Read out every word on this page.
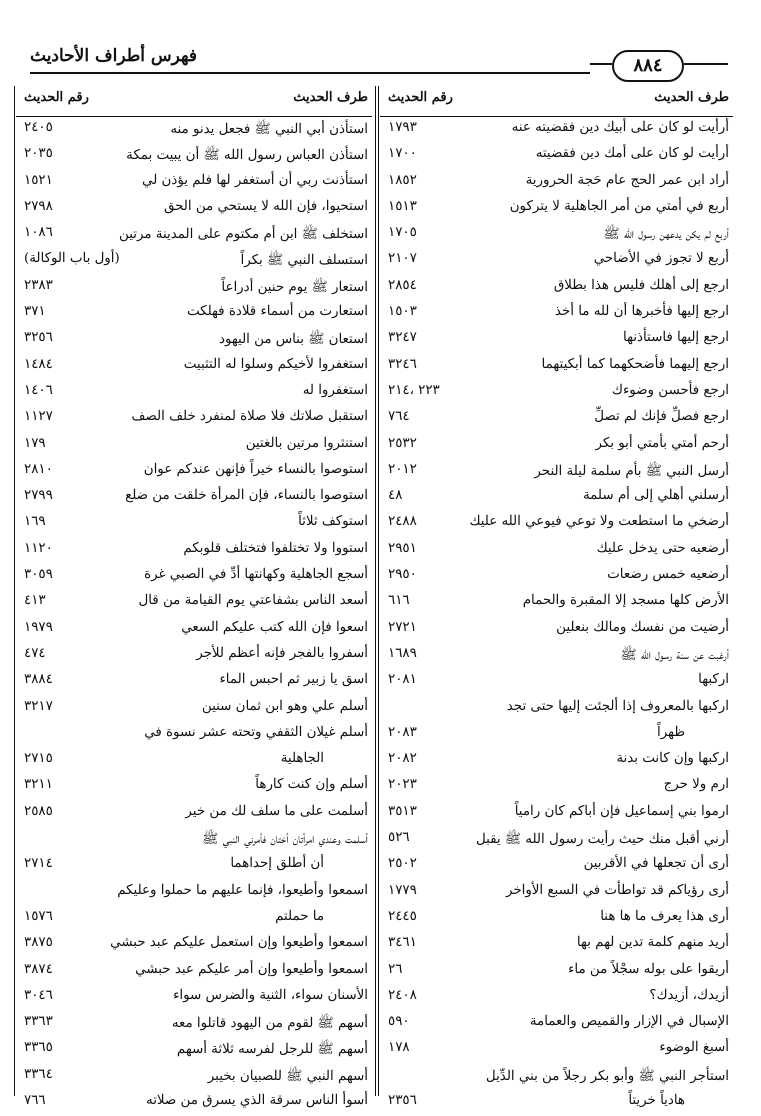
فهرس أطراف الأحاديث	٨٨٤
طرف الحديث
رقم الحديث
أرأيت لو كان على أبيك دين فقضيته عنه
١٧٩٣
أرأيت لو كان على أمك دين فقضيته
١٧٠٠
أراد ابن عمر الحج عام حَجة الحرورية
١٨٥٢
أربع في أمتي من أمر الجاهلية لا يتركون
١٥١٣
أربع لم يكن يدعهن رسول الله ﷺ
١٧٠٥
أربع لا تجوز في الأضاحي
٢١٠٧
ارجع إلى أهلك فليس هذا بطلاق
٢٨٥٤
ارجع إليها فأخبرها أن لله ما أخذ
١٥٠٣
ارجع إليها فاستأذنها
٣٢٤٧
ارجع إليهما فأضحكهما كما أبكيتهما
٣٢٤٦
ارجع فأحسن وضوءك
٢٢٣ ،٢١٤
ارجع فصلِّ فإنك لم تصلِّ
٧٦٤
أرحم أمتي بأمتي أبو بكر
٢٥٣٢
أرسل النبي ﷺ بأم سلمة ليلة النحر
٢٠١٢
أرسلني أهلي إلى أم سلمة
٤٨
أرضخي ما استطعت ولا توعي فيوعي الله عليك
٢٤٨٨
أرضعيه حتى يدخل عليك
٢٩٥١
أرضعيه خمس رضعات
٢٩٥٠
الأرض كلها مسجد إلا المقبرة والحمام
٦١٦
أرضيت من نفسك ومالك بنعلين
٢٧٢١
أرغبت عن سنة رسول الله ﷺ
١٦٨٩
اركبها
٢٠٨١
اركبها بالمعروف إذا ألجئت إليها حتى تجد
ظهراً
٢٠٨٣
اركبها وإن كانت بدنة
٢٠٨٢
ارم ولا حرج
٢٠٢٣
ارموا بني إسماعيل فإن أباكم كان رامياً
٣٥١٣
أرني أقبل منك حيث رأيت رسول الله ﷺ يقبل
٥٢٦
أرى أن تجعلها في الأقربين
٢٥٠٢
أرى رؤياكم قد تواطأت في السبع الأواخر
١٧٧٩
أرى هذا يعرف ما ها هنا
٢٤٤٥
أريد منهم كلمة تدين لهم بها
٣٤٦١
أريقوا على بوله سجْلاً من ماء
٢٦
أزيدك، أزيدك؟
٢٤٠٨
الإسبال في الإزار والقميص والعمامة
٥٩٠
أسبغ الوضوء
١٧٨
استأجر النبي ﷺ وأبو بكر رجلاً من بني الدِّيل
هادياً خريتاً
٢٣٥٦
طرف الحديث
رقم الحديث
استأذن أبي النبي ﷺ فجعل يدنو منه
٢٤٠٥
استأذن العباس رسول الله ﷺ أن يبيت بمكة
٢٠٣٥
استأذنت ربي أن أستغفر لها فلم يؤذن لي
١٥٢١
استحيوا، فإن الله لا يستحي من الحق
٢٧٩٨
استخلف ﷺ ابن أم مكتوم على المدينة مرتين
١٠٨٦
استسلف النبي ﷺ بكراً
(أول باب الوكالة)
استعار ﷺ يوم حنين أدراعاً
٢٣٨٣
استعارت من أسماء قلادة فهلكت
٣٧١
استعان ﷺ بناس من اليهود
٣٢٥٦
استغفروا لأخيكم وسلوا له التثبيت
١٤٨٤
استغفروا له
١٤٠٦
استقبل صلاتك فلا صلاة لمنفرد خلف الصف
١١٢٧
استنثروا مرتين بالغتين
١٧٩
استوصوا بالنساء خيراً فإنهن عندكم عوان
٢٨١٠
استوصوا بالنساء، فإن المرأة خلقت من ضلع
٢٧٩٩
استوكف ثلاثاً
١٦٩
استووا ولا تختلفوا فتختلف قلوبكم
١١٢٠
أسجع الجاهلية وكهانتها أدِّ في الصبي غرة
٣٠٥٩
أسعد الناس بشفاعتي يوم القيامة من قال
٤١٣
اسعوا فإن الله كتب عليكم السعي
١٩٧٩
أسفروا بالفجر فإنه أعظم للأجر
٤٧٤
اسق يا زبير ثم احبس الماء
٣٨٨٤
أسلم علي وهو ابن ثمان سنين
٣٢١٧
أسلم غيلان الثقفي وتحته عشر نسوة في
الجاهلية
٢٧١٥
أسلم وإن كنت كارهاً
٣٢١١
أسلمت على ما سلف لك من خير
٢٥٨٥
أسلمت وعندي امرأتان أختان فأمرني النبي ﷺ
أن أطلق إحداهما
٢٧١٤
اسمعوا وأطيعوا، فإنما عليهم ما حملوا وعليكم
ما حملتم
١٥٧٦
اسمعوا وأطيعوا وإن استعمل عليكم عبد حبشي
٣٨٧٥
اسمعوا وأطيعوا وإن أمر عليكم عبد حبشي
٣٨٧٤
الأسنان سواء، الثنية والضرس سواء
٣٠٤٦
أسهم ﷺ لقوم من اليهود قاتلوا معه
٣٣٦٣
أسهم ﷺ للرجل لفرسه ثلاثة أسهم
٣٣٦٥
أسهم النبي ﷺ للصبيان بخيبر
٣٣٦٤
أسوأ الناس سرقة الذي يسرق من صلاته
٧٦٦
